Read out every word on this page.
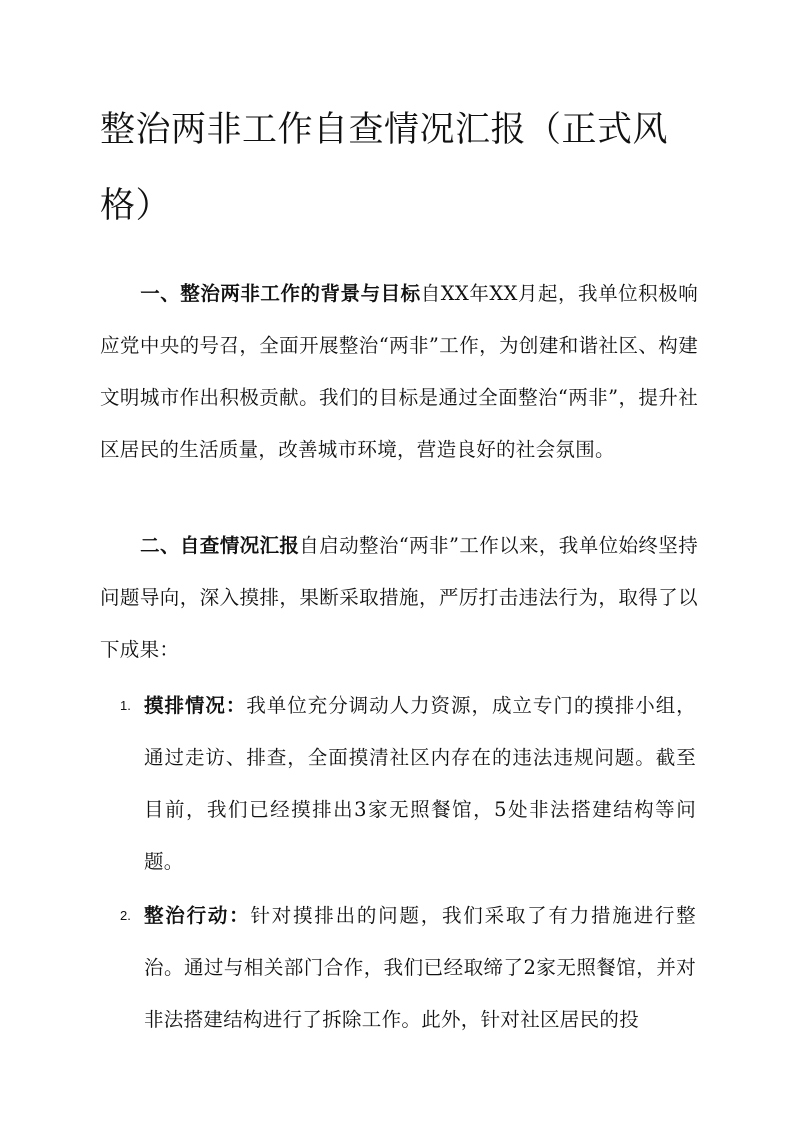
整治两非工作自查情况汇报（正式风格）

一、整治两非工作的背景与目标自XX年XX月起，我单位积极响应党中央的号召，全面开展整治“两非”工作，为创建和谐社区、构建文明城市作出积极贡献。我们的目标是通过全面整治“两非”，提升社区居民的生活质量，改善城市环境，营造良好的社会氛围。

二、自查情况汇报自启动整治“两非”工作以来，我单位始终坚持问题导向，深入摸排，果断采取措施，严厉打击违法行为，取得了以下成果：

1. 摸排情况：我单位充分调动人力资源，成立专门的摸排小组，通过走访、排查，全面摸清社区内存在的违法违规问题。截至目前，我们已经摸排出3家无照餐馆，5处非法搭建结构等问题。
2. 整治行动：针对摸排出的问题，我们采取了有力措施进行整治。通过与相关部门合作，我们已经取缔了2家无照餐馆，并对非法搭建结构进行了拆除工作。此外，针对社区居民的投
